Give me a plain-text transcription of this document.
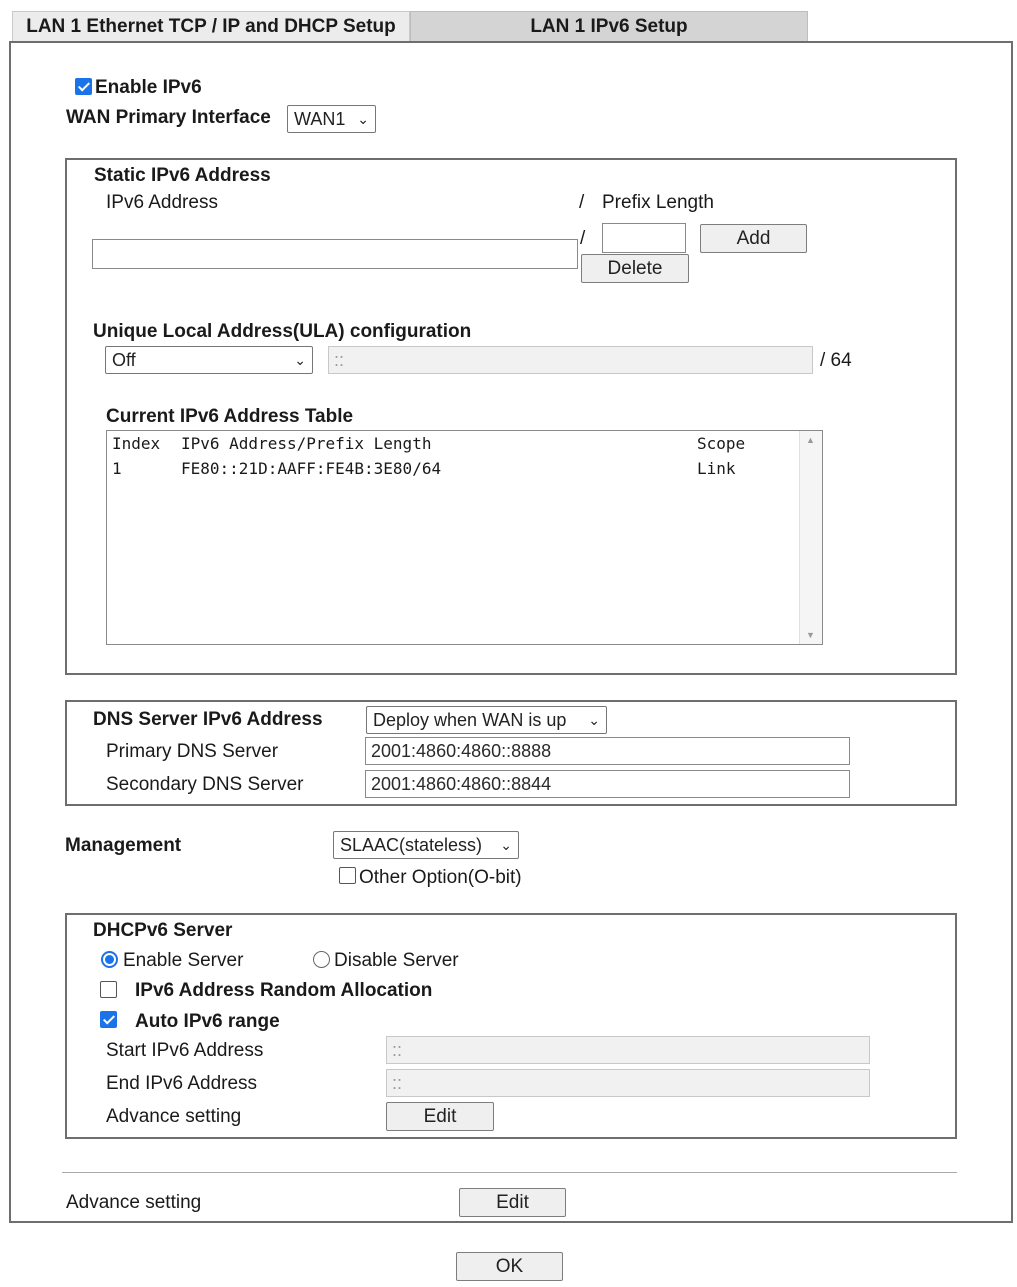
LAN 1 Ethernet TCP / IP and DHCP Setup	LAN 1 IPv6 Setup
Enable IPv6
WAN Primary Interface	WAN1 ⌄
Static IPv6 Address
IPv6 Address	/ Prefix Length
/	Add
Delete
Unique Local Address(ULA) configuration
Off	⌄	::	/ 64
Current IPv6 Address Table
Index IPv6 Address/Prefix Length	Scope
1	FE80::21D:AAFF:FE4B:3E80/64	Link
▲
▼
DNS Server IPv6 Address	Deploy when WAN is up ⌄
Primary DNS Server	2001:4860:4860::8888
Secondary DNS Server	2001:4860:4860::8844
Management	SLAAC(stateless) ⌄
Other Option(O-bit)
DHCPv6 Server
Enable Server	Disable Server
IPv6 Address Random Allocation
Auto IPv6 range
Start IPv6 Address	::
End IPv6 Address	::
Advance setting	Edit
Advance setting	Edit
OK
